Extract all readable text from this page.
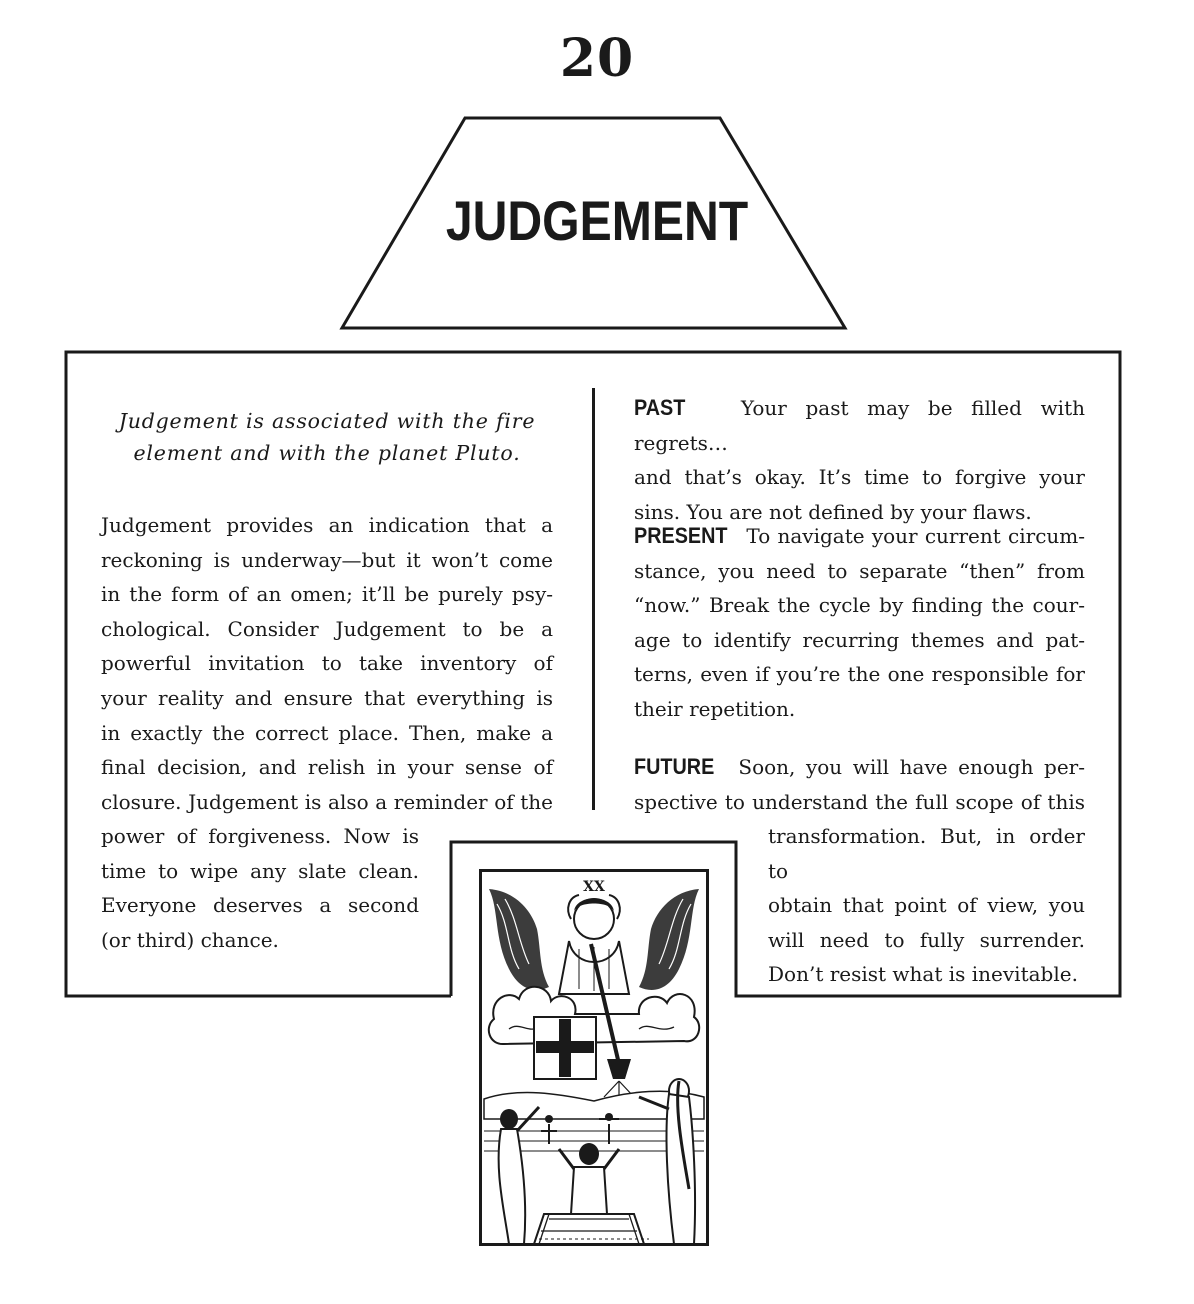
20
JUDGEMENT
Judgement is associated with the fire
element and with the planet Pluto.
Judgement provides an indication that a
reckoning is underway—but it won’t come
in the form of an omen; it’ll be purely psy-
chological. Consider Judgement to be a
powerful invitation to take inventory of
your reality and ensure that everything is
in exactly the correct place. Then, make a
final decision, and relish in your sense of
closure. Judgement is also a reminder of the
power of forgiveness. Now is
time to wipe any slate clean.
Everyone deserves a second
(or third) chance.
PAST	Your past may be filled with regrets…
and that’s okay. It’s time to forgive your
sins. You are not defined by your flaws.
PRESENT To navigate your current circum-
stance, you need to separate “then” from
“now.” Break the cycle by finding the cour-
age to identify recurring themes and pat-
terns, even if you’re the one responsible for
their repetition.
FUTURE Soon, you will have enough per-
spective to understand the full scope of this
transformation. But, in order to
obtain that point of view, you
will need to fully surrender.
Don’t resist what is inevitable.
XX
